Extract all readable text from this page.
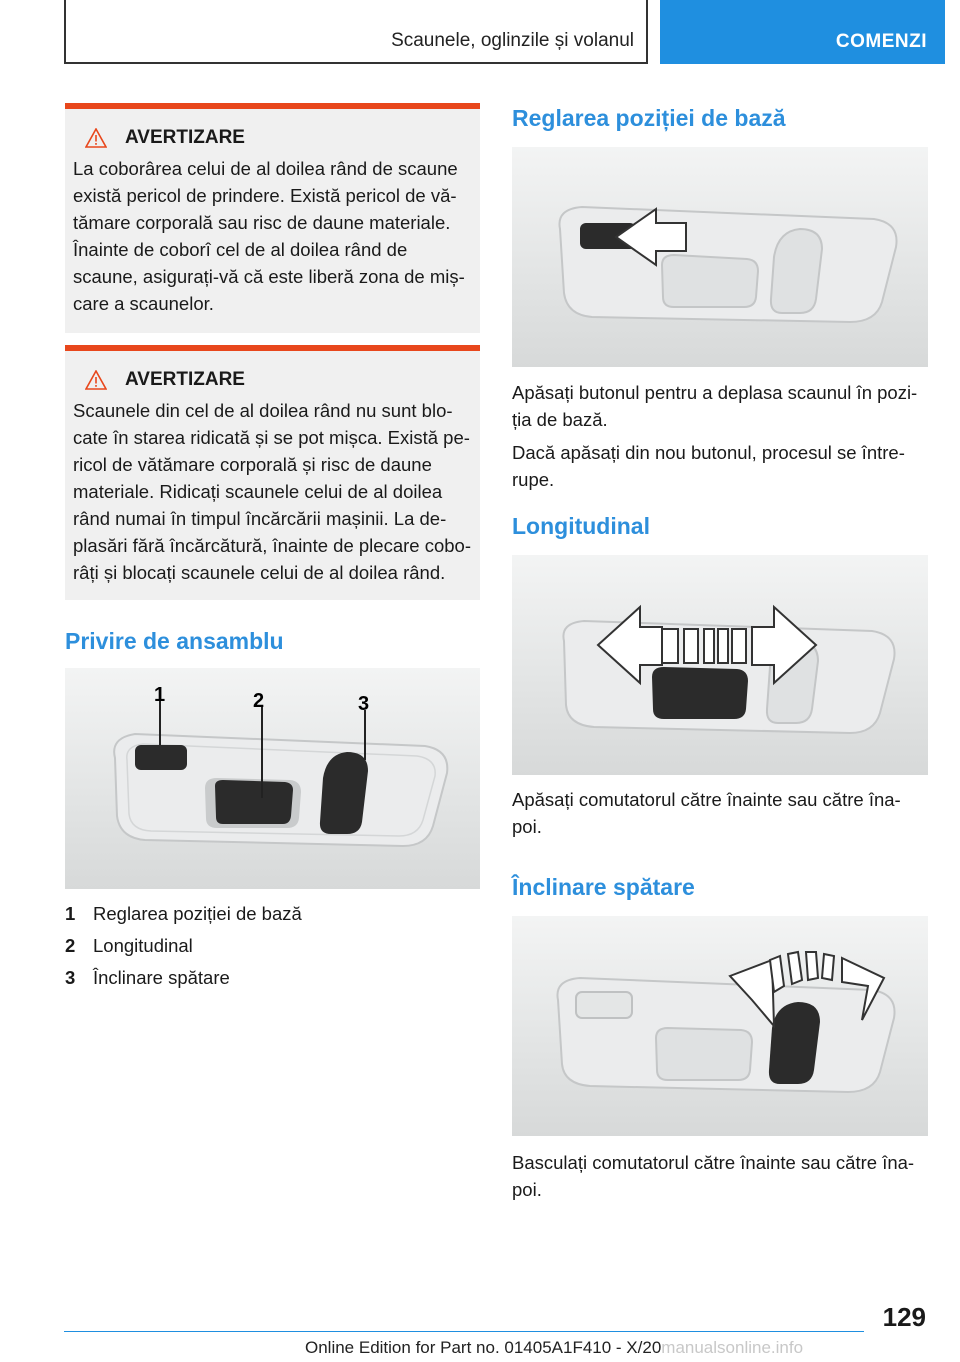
Scaunele, oglinzile și volanul	COMENZI
AVERTIZARE

La coborârea celui de al doilea rând de scaune
există pericol de prindere. Există pericol de vă-
tămare corporală sau risc de daune materiale.
Înainte de coborî cel de al doilea rând de
scaune, asigurați-vă că este liberă zona de miș-
care a scaunelor.

AVERTIZARE

Scaunele din cel de al doilea rând nu sunt blo-
cate în starea ridicată și se pot mișca. Există pe-
ricol de vătămare corporală și risc de daune
materiale. Ridicați scaunele celui de al doilea
rând numai în timpul încărcării mașinii. La de-
plasări fără încărcătură, înainte de plecare cobo-
râți și blocați scaunele celui de al doilea rând.

Privire de ansamblu
1	2	3
1 Reglarea poziției de bază
2 Longitudinal
3 Înclinare spătare
Reglarea poziției de bază

Apăsați butonul pentru a deplasa scaunul în pozi-
ția de bază.

Dacă apăsați din nou butonul, procesul se între-
rupe.

Longitudinal

Apăsați comutatorul către înainte sau către îna-
poi.

Înclinare spătare

Basculați comutatorul către înainte sau către îna-
poi.

129
Online Edition for Part no. 01405A1F410 - X/20manualsonline.info
